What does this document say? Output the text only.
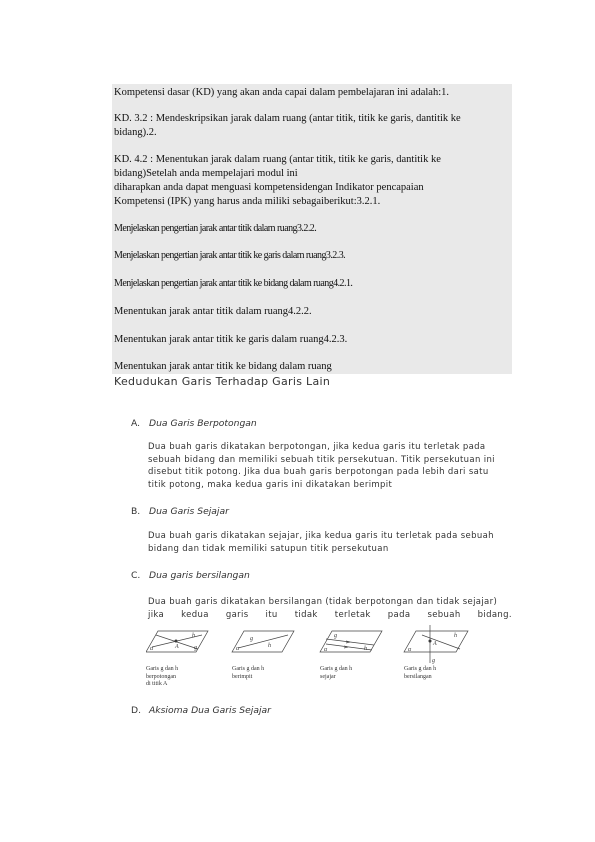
Kompetensi dasar (KD) yang akan anda capai dalam pembelajaran ini adalah:1.
KD. 3.2 : Mendeskripsikan jarak dalam ruang (antar titik, titik ke garis, dantitik ke
bidang).2.
KD. 4.2 : Menentukan jarak dalam ruang (antar titik, titik ke garis, dantitik ke
bidang)Setelah anda mempelajari modul ini
diharapkan anda dapat menguasi kompetensidengan Indikator pencapaian
Kompetensi (IPK) yang harus anda miliki sebagaiberikut:3.2.1.
Menjelaskan pengertian jarak antar titik dalam ruang3.2.2.
Menjelaskan pengertian jarak antar titik ke garis dalam ruang3.2.3.
Menjelaskan pengertian jarak antar titik ke bidang dalam ruang4.2.1.
Menentukan jarak antar titik dalam ruang4.2.2.
Menentukan jarak antar titik ke garis dalam ruang4.2.3.
Menentukan jarak antar titik ke bidang dalam ruang
Kedudukan Garis Terhadap Garis Lain
A. Dua Garis Berpotongan
Dua buah garis dikatakan berpotongan, jika kedua garis itu terletak pada
sebuah bidang dan memiliki sebuah titik persekutuan. Titik persekutuan ini
disebut titik potong. Jika dua buah garis berpotongan pada lebih dari satu
titik potong, maka kedua garis ini dikatakan berimpit
B. Dua Garis Sejajar
Dua buah garis dikatakan sejajar, jika kedua garis itu terletak pada sebuah
bidang dan tidak memiliki satupun titik persekutuan
C. Dua garis bersilangan
Dua buah garis dikatakan bersilangan (tidak berpotongan dan tidak sejajar)
jika kedua garis itu tidak terletak pada sebuah bidang.
α
h
g
A	α
g
h
α
g
h	α
h
A
g
Garis g dan h
berpotongan
di titik A
Garis g dan h
berimpit
Garis g dan h
sejajar
Garis g dan h
bersilangan
D. Aksioma Dua Garis Sejajar
